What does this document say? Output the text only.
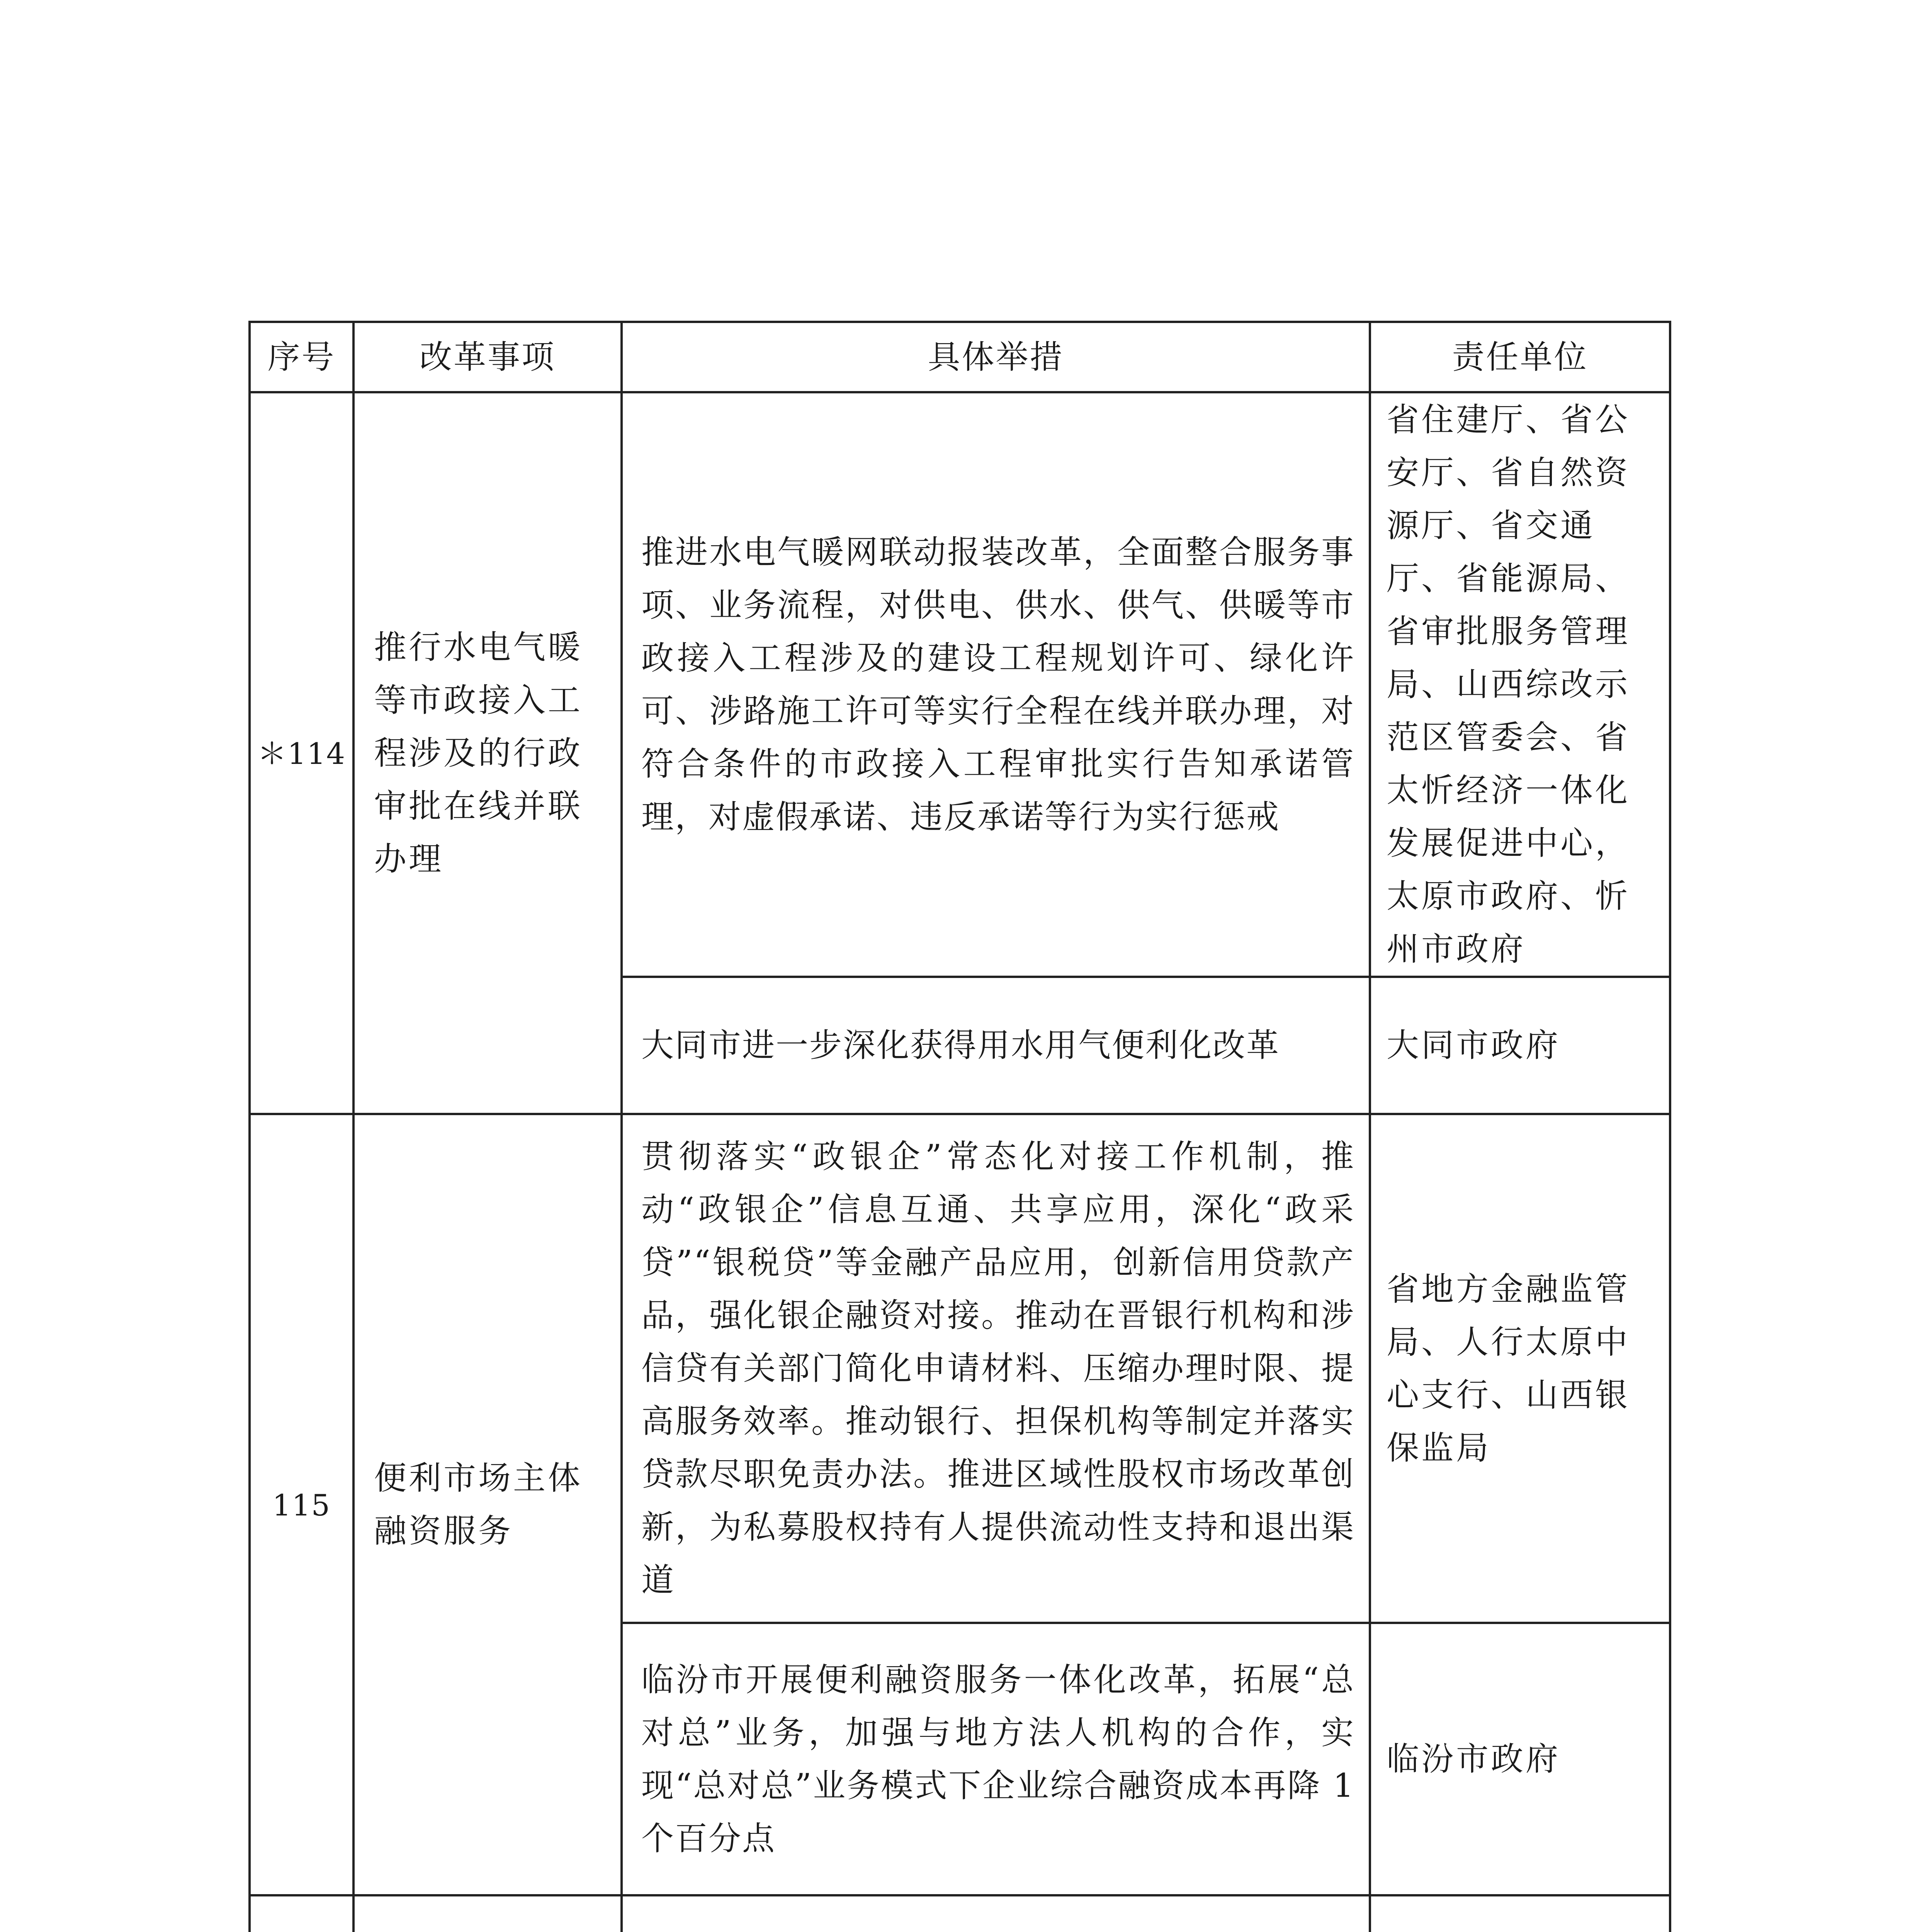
序号	改革事项	具体举措	责任单位
＊114	推行水电气暖等市政接入工程涉及的行政审批在线并联办理	推进水电气暖网联动报装改革，全面整合服务事项、业务流程，对供电、供水、供气、供暖等市政接入工程涉及的建设工程规划许可、绿化许可、涉路施工许可等实行全程在线并联办理，对符合条件的市政接入工程审批实行告知承诺管理，对虚假承诺、违反承诺等行为实行惩戒	省住建厅、省公安厅、省自然资源厅、省交通厅、省能源局、省审批服务管理局、山西综改示范区管委会、省太忻经济一体化发展促进中心，太原市政府、忻州市政府
		大同市进一步深化获得用水用气便利化改革	大同市政府
115	便利市场主体融资服务	贯彻落实“政银企”常态化对接工作机制，推动“政银企”信息互通、共享应用，深化“政采贷”“银税贷”等金融产品应用，创新信用贷款产品，强化银企融资对接。推动在晋银行机构和涉信贷有关部门简化申请材料、压缩办理时限、提高服务效率。推动银行、担保机构等制定并落实贷款尽职免责办法。推进区域性股权市场改革创新，为私募股权持有人提供流动性支持和退出渠道	省地方金融监管局、人行太原中心支行、山西银保监局
		临汾市开展便利融资服务一体化改革，拓展“总对总”业务，加强与地方法人机构的合作，实现“总对总”业务模式下企业综合融资成本再降 1 个百分点	临汾市政府
